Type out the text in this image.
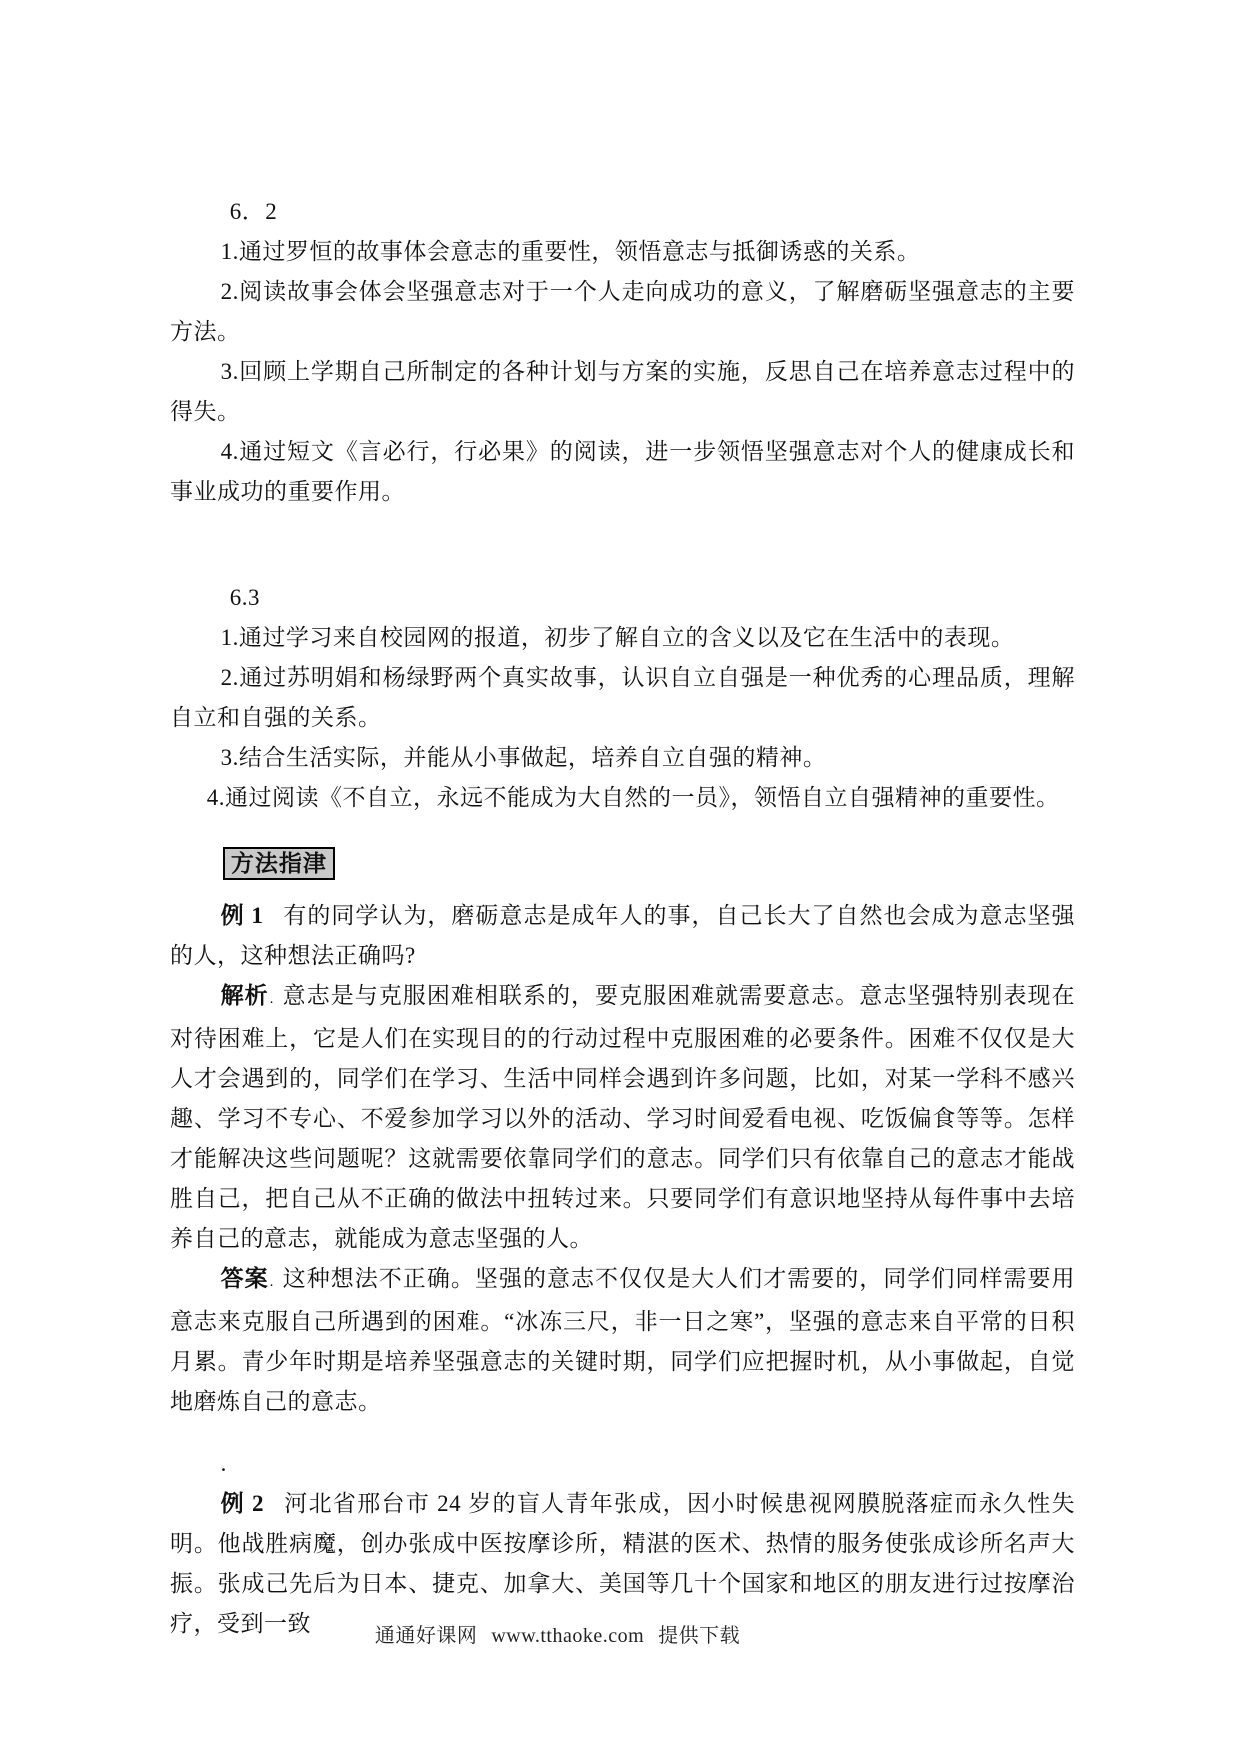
6．2

1.通过罗恒的故事体会意志的重要性，领悟意志与抵御诱惑的关系。

2.阅读故事会体会坚强意志对于一个人走向成功的意义，了解磨砺坚强意志的主要方法。

3.回顾上学期自己所制定的各种计划与方案的实施，反思自己在培养意志过程中的得失。

4.通过短文《言必行，行必果》的阅读，进一步领悟坚强意志对个人的健康成长和事业成功的重要作用。

6.3

1.通过学习来自校园网的报道，初步了解自立的含义以及它在生活中的表现。

2.通过苏明娟和杨绿野两个真实故事，认识自立自强是一种优秀的心理品质，理解自立和自强的关系。

3.结合生活实际，并能从小事做起，培养自立自强的精神。

4.通过阅读《不自立，永远不能成为大自然的一员》，领悟自立自强精神的重要性。

方法指津

例 1 有的同学认为，磨砺意志是成年人的事，自己长大了自然也会成为意志坚强的人，这种想法正确吗?

解析. 意志是与克服困难相联系的，要克服困难就需要意志。意志坚强特别表现在对待困难上，它是人们在实现目的的行动过程中克服困难的必要条件。困难不仅仅是大人才会遇到的，同学们在学习、生活中同样会遇到许多问题，比如，对某一学科不感兴趣、学习不专心、不爱参加学习以外的活动、学习时间爱看电视、吃饭偏食等等。怎样才能解决这些问题呢？这就需要依靠同学们的意志。同学们只有依靠自己的意志才能战胜自己，把自己从不正确的做法中扭转过来。只要同学们有意识地坚持从每件事中去培养自己的意志，就能成为意志坚强的人。

答案. 这种想法不正确。坚强的意志不仅仅是大人们才需要的，同学们同样需要用意志来克服自己所遇到的困难。“冰冻三尺，非一日之寒”，坚强的意志来自平常的日积月累。青少年时期是培养坚强意志的关键时期，同学们应把握时机，从小事做起，自觉地磨炼自己的意志。

.

例 2 河北省邢台市 24 岁的盲人青年张成，因小时候患视网膜脱落症而永久性失明。他战胜病魔，创办张成中医按摩诊所，精湛的医术、热情的服务使张成诊所名声大振。张成己先后为日本、捷克、加拿大、美国等几十个国家和地区的朋友进行过按摩治疗，受到一致	通通好课网 www.tthaoke.com 提供下载
